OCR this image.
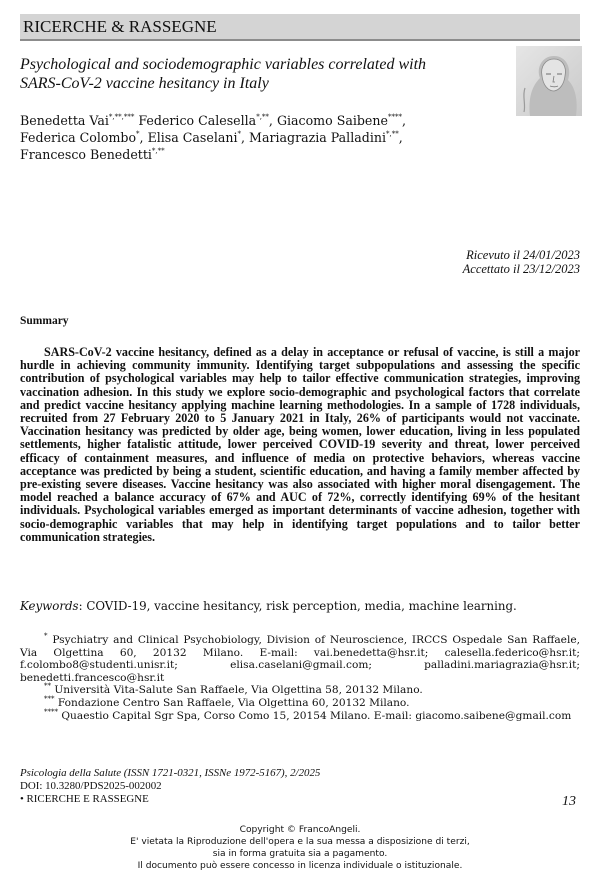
RICERCHE & RASSEGNE
Psychological and sociodemographic variables correlated with
SARS-CoV-2 vaccine hesitancy in Italy
Benedetta Vai*,**,*** Federico Calesella*,**, Giacomo Saibene****,
Federica Colombo*, Elisa Caselani*, Mariagrazia Palladini*,**,
Francesco Benedetti*,**
Ricevuto il 24/01/2023
Accettato il 23/12/2023
Summary

SARS-CoV-2 vaccine hesitancy, defined as a delay in acceptance or refusal of vaccine, is still a major hurdle in achieving community immunity. Identifying target subpopulations and assessing the specific contribution of psychological variables may help to tailor effective communication strategies, improving vaccination adhesion. In this study we explore socio-demographic and psychological factors that correlate and predict vaccine hesitancy applying machine learning methodologies. In a sample of 1728 individuals, recruited from 27 February 2020 to 5 January 2021 in Italy, 26% of participants would not vaccinate. Vaccination hesitancy was predicted by older age, being women, lower education, living in less populated settlements, higher fatalistic attitude, lower perceived COVID-19 severity and threat, lower perceived efficacy of containment measures, and influence of media on protective behaviors, whereas vaccine acceptance was predicted by being a student, scientific education, and having a family member affected by pre-existing severe diseases. Vaccine hesitancy was also associated with higher moral disengagement. The model reached a balance accuracy of 67% and AUC of 72%, correctly identifying 69% of the hesitant individuals. Psychological variables emerged as important determinants of vaccine adhesion, together with socio-demographic variables that may help in identifying target populations and to tailor better communication strategies.

Keywords: COVID-19, vaccine hesitancy, risk perception, media, machine learning.

* Psychiatry and Clinical Psychobiology, Division of Neuroscience, IRCCS Ospedale San Raffaele, Via Olgettina 60, 20132 Milano. E-mail: vai.benedetta@hsr.it; calesella.federico@hsr.it; f.colombo8@studenti.unisr.it; elisa.caselani@gmail.com; palladini.mariagrazia@hsr.it; benedetti.francesco@hsr.it

** Università Vita-Salute San Raffaele, Via Olgettina 58, 20132 Milano.

*** Fondazione Centro San Raffaele, Via Olgettina 60, 20132 Milano.

**** Quaestio Capital Sgr Spa, Corso Como 15, 20154 Milano. E-mail: giacomo.saibene@gmail.com

Psicologia della Salute (ISSN 1721-0321, ISSNe 1972-5167), 2/2025
DOI: 10.3280/PDS2025-002002
• RICERCHE E RASSEGNE	13
Copyright © FrancoAngeli.
E' vietata la Riproduzione dell'opera e la sua messa a disposizione di terzi,
sia in forma gratuita sia a pagamento.
Il documento può essere concesso in licenza individuale o istituzionale.
